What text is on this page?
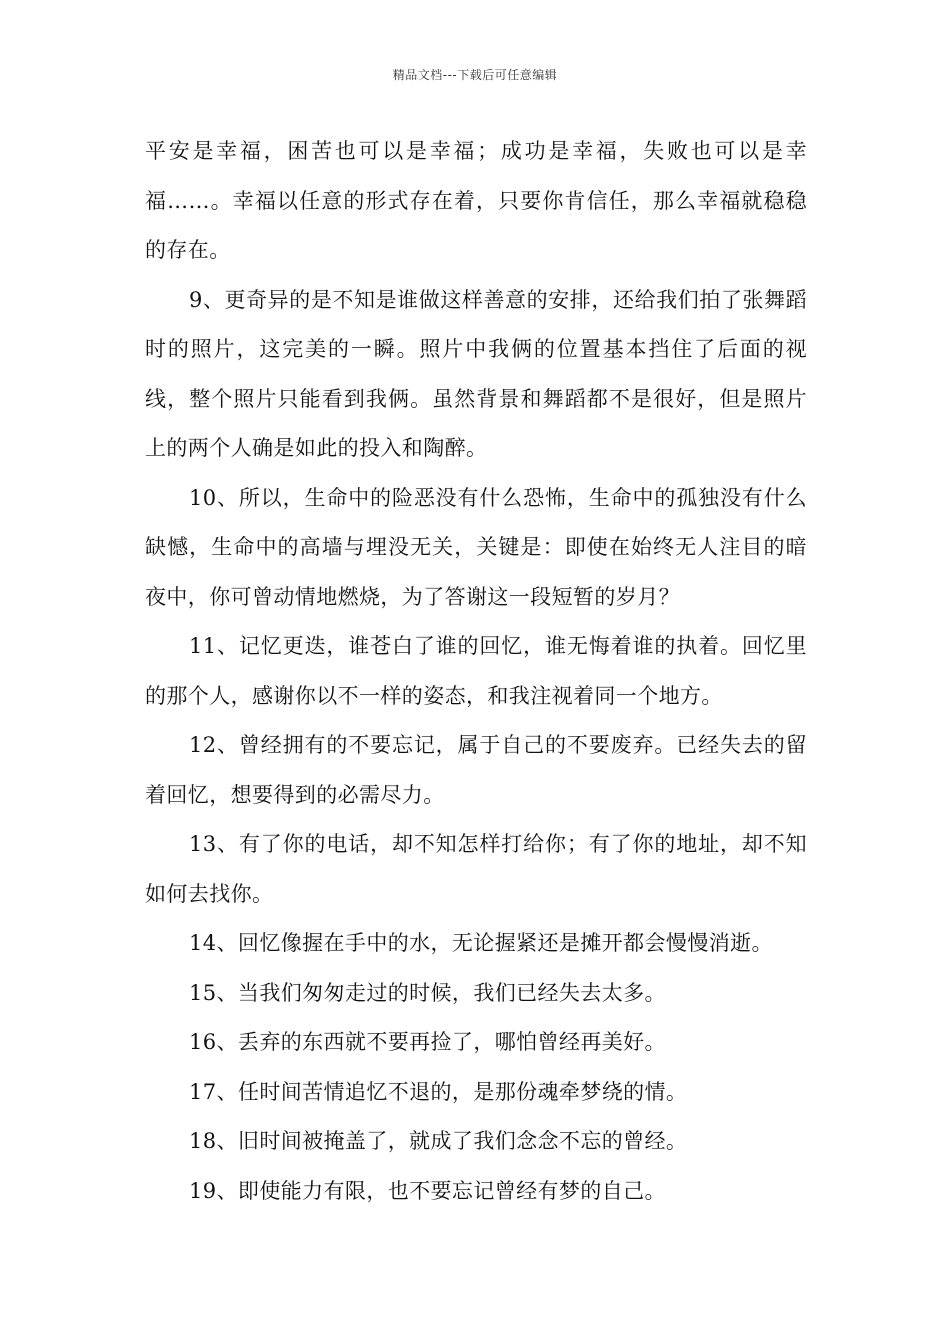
精品文档---下载后可任意编辑

平安是幸福，困苦也可以是幸福；成功是幸福，失败也可以是幸福……。幸福以任意的形式存在着，只要你肯信任，那么幸福就稳稳的存在。

9、更奇异的是不知是谁做这样善意的安排，还给我们拍了张舞蹈时的照片，这完美的一瞬。照片中我俩的位置基本挡住了后面的视线，整个照片只能看到我俩。虽然背景和舞蹈都不是很好，但是照片上的两个人确是如此的投入和陶醉。

10、所以，生命中的险恶没有什么恐怖，生命中的孤独没有什么缺憾，生命中的高墙与埋没无关，关键是：即使在始终无人注目的暗夜中，你可曾动情地燃烧，为了答谢这一段短暂的岁月？

11、记忆更迭，谁苍白了谁的回忆，谁无悔着谁的执着。回忆里的那个人，感谢你以不一样的姿态，和我注视着同一个地方。

12、曾经拥有的不要忘记，属于自己的不要废弃。已经失去的留着回忆，想要得到的必需尽力。

13、有了你的电话，却不知怎样打给你；有了你的地址，却不知如何去找你。

14、回忆像握在手中的水，无论握紧还是摊开都会慢慢消逝。

15、当我们匆匆走过的时候，我们已经失去太多。

16、丢弃的东西就不要再捡了，哪怕曾经再美好。

17、任时间苦情追忆不退的，是那份魂牵梦绕的情。

18、旧时间被掩盖了，就成了我们念念不忘的曾经。

19、即使能力有限，也不要忘记曾经有梦的自己。
